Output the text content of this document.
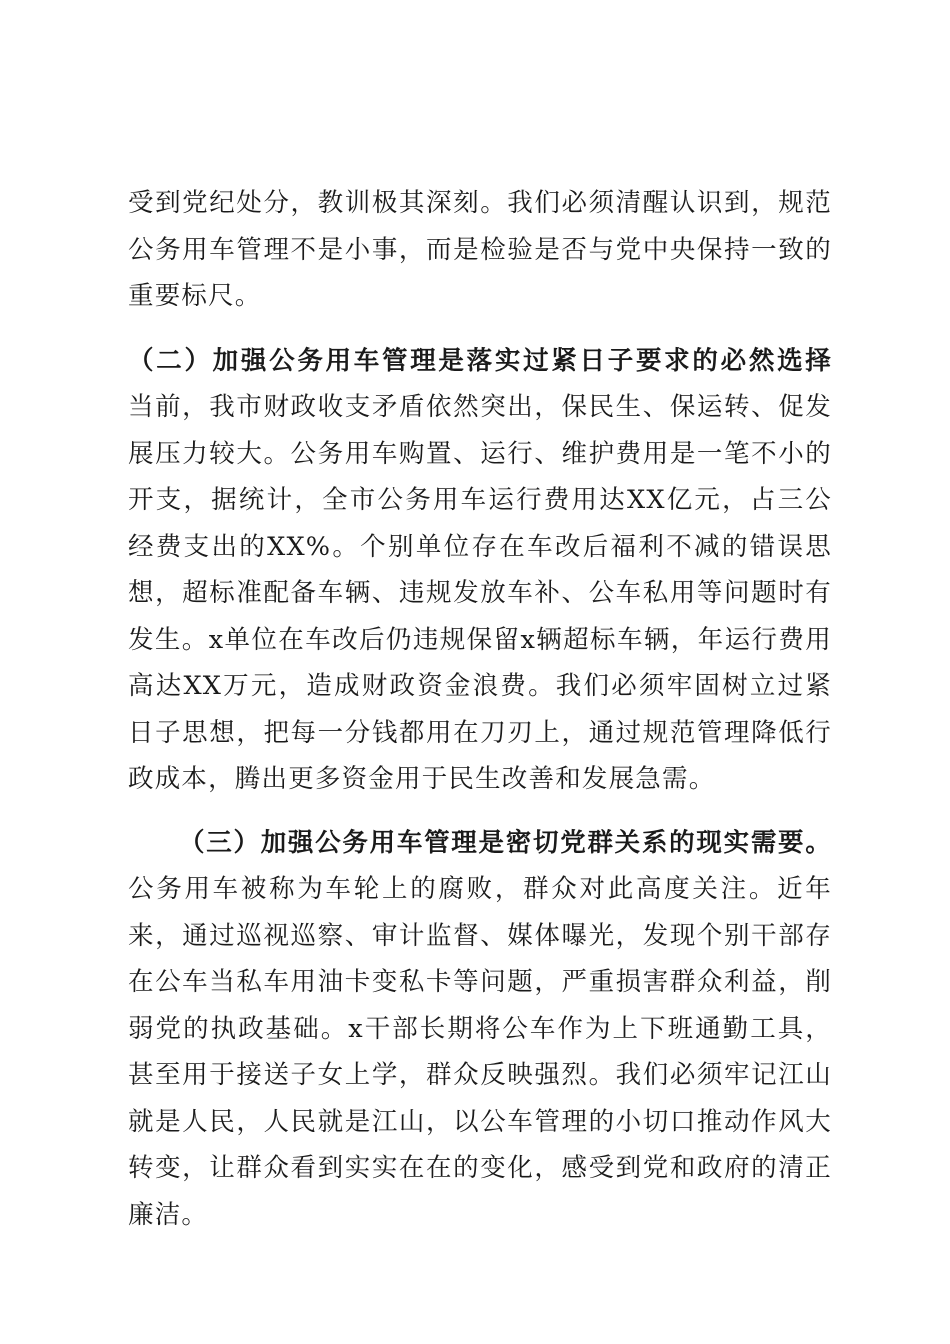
受到党纪处分，教训极其深刻。我们必须清醒认识到，规范公务用车管理不是小事，而是检验是否与党中央保持一致的重要标尺。

（二）加强公务用车管理是落实过紧日子要求的必然选择
当前，我市财政收支矛盾依然突出，保民生、保运转、促发展压力较大。公务用车购置、运行、维护费用是一笔不小的开支，据统计，全市公务用车运行费用达XX亿元，占三公经费支出的XX%。个别单位存在车改后福利不减的错误思想，超标准配备车辆、违规发放车补、公车私用等问题时有发生。x单位在车改后仍违规保留x辆超标车辆，年运行费用高达XX万元，造成财政资金浪费。我们必须牢固树立过紧日子思想，把每一分钱都用在刀刃上，通过规范管理降低行政成本，腾出更多资金用于民生改善和发展急需。

（三）加强公务用车管理是密切党群关系的现实需要。公务用车被称为车轮上的腐败，群众对此高度关注。近年来，通过巡视巡察、审计监督、媒体曝光，发现个别干部存在公车当私车用油卡变私卡等问题，严重损害群众利益，削弱党的执政基础。x干部长期将公车作为上下班通勤工具，甚至用于接送子女上学，群众反映强烈。我们必须牢记江山就是人民，人民就是江山，以公车管理的小切口推动作风大转变，让群众看到实实在在的变化，感受到党和政府的清正廉洁。
